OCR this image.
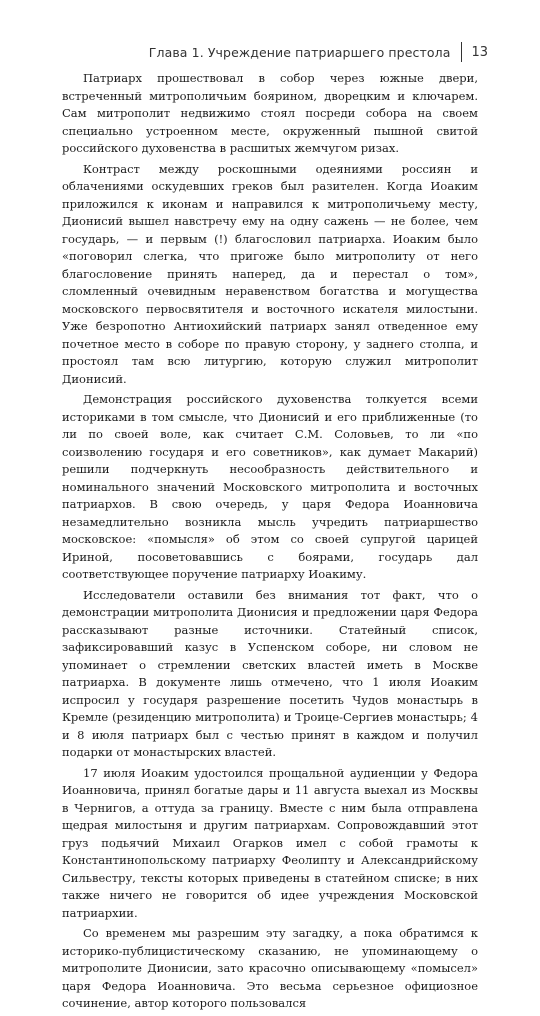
Глава 1. Учреждение патриаршего престола 13

Патриарх прошествовал в собор через южные двери, встреченный митрополичьим боярином, дворецким и ключарем. Сам митрополит недвижимо стоял посреди собора на своем специально устроенном месте, окруженный пышной свитой российского духовенства в расшитых жемчугом ризах.

Контраст между роскошными одеяниями россиян и облачениями оскудевших греков был разителен. Когда Иоаким приложился к иконам и направился к митрополичьему месту, Дионисий вышел навстречу ему на одну сажень — не более, чем государь, — и первым (!) благословил патриарха. Иоаким было «поговорил слегка, что пригоже было митрополиту от него благословение принять наперед, да и перестал о том», сломленный очевидным неравенством богатства и могущества московского первосвятителя и восточного искателя милостыни. Уже безропотно Антиохийский патриарх занял отведенное ему почетное место в соборе по правую сторону, у заднего столпа, и простоял там всю литургию, которую служил митрополит Дионисий.

Демонстрация российского духовенства толкуется всеми историками в том смысле, что Дионисий и его приближенные (то ли по своей воле, как считает С.М. Соловьев, то ли «по соизволению государя и его советников», как думает Макарий) решили подчеркнуть несообразность действительного и номинального значений Московского митрополита и восточных патриархов. В свою очередь, у царя Федора Иоанновича незамедлительно возникла мысль учредить патриаршество московское: «помысля» об этом со своей супругой царицей Ириной, посоветовавшись с боярами, государь дал соответствующее поручение патриарху Иоакиму.

Исследователи оставили без внимания тот факт, что о демонстрации митрополита Дионисия и предложении царя Федора рассказывают разные источники. Статейный список, зафиксировавший казус в Успенском соборе, ни словом не упоминает о стремлении светских властей иметь в Москве патриарха. В документе лишь отмечено, что 1 июля Иоаким испросил у государя разрешение посетить Чудов монастырь в Кремле (резиденцию митрополита) и Троице-Сергиев монастырь; 4 и 8 июля патриарх был с честью принят в каждом и получил подарки от монастырских властей.

17 июля Иоаким удостоился прощальной аудиенции у Федора Иоанновича, принял богатые дары и 11 августа выехал из Москвы в Чернигов, а оттуда за границу. Вместе с ним была отправлена щедрая милостыня и другим патриархам. Сопровождавший этот груз подьячий Михаил Огарков имел с собой грамоты к Константинопольскому патриарху Феолипту и Александрийскому Сильвестру, тексты которых приведены в статейном списке; в них также ничего не говорится об идее учреждения Московской патриархии.

Со временем мы разрешим эту загадку, а пока обратимся к историко-публицистическому сказанию, не упоминающему о митрополите Дионисии, зато красочно описывающему «помысел» царя Федора Иоанновича. Это весьма серьезное официозное сочинение, автор которого пользовался
